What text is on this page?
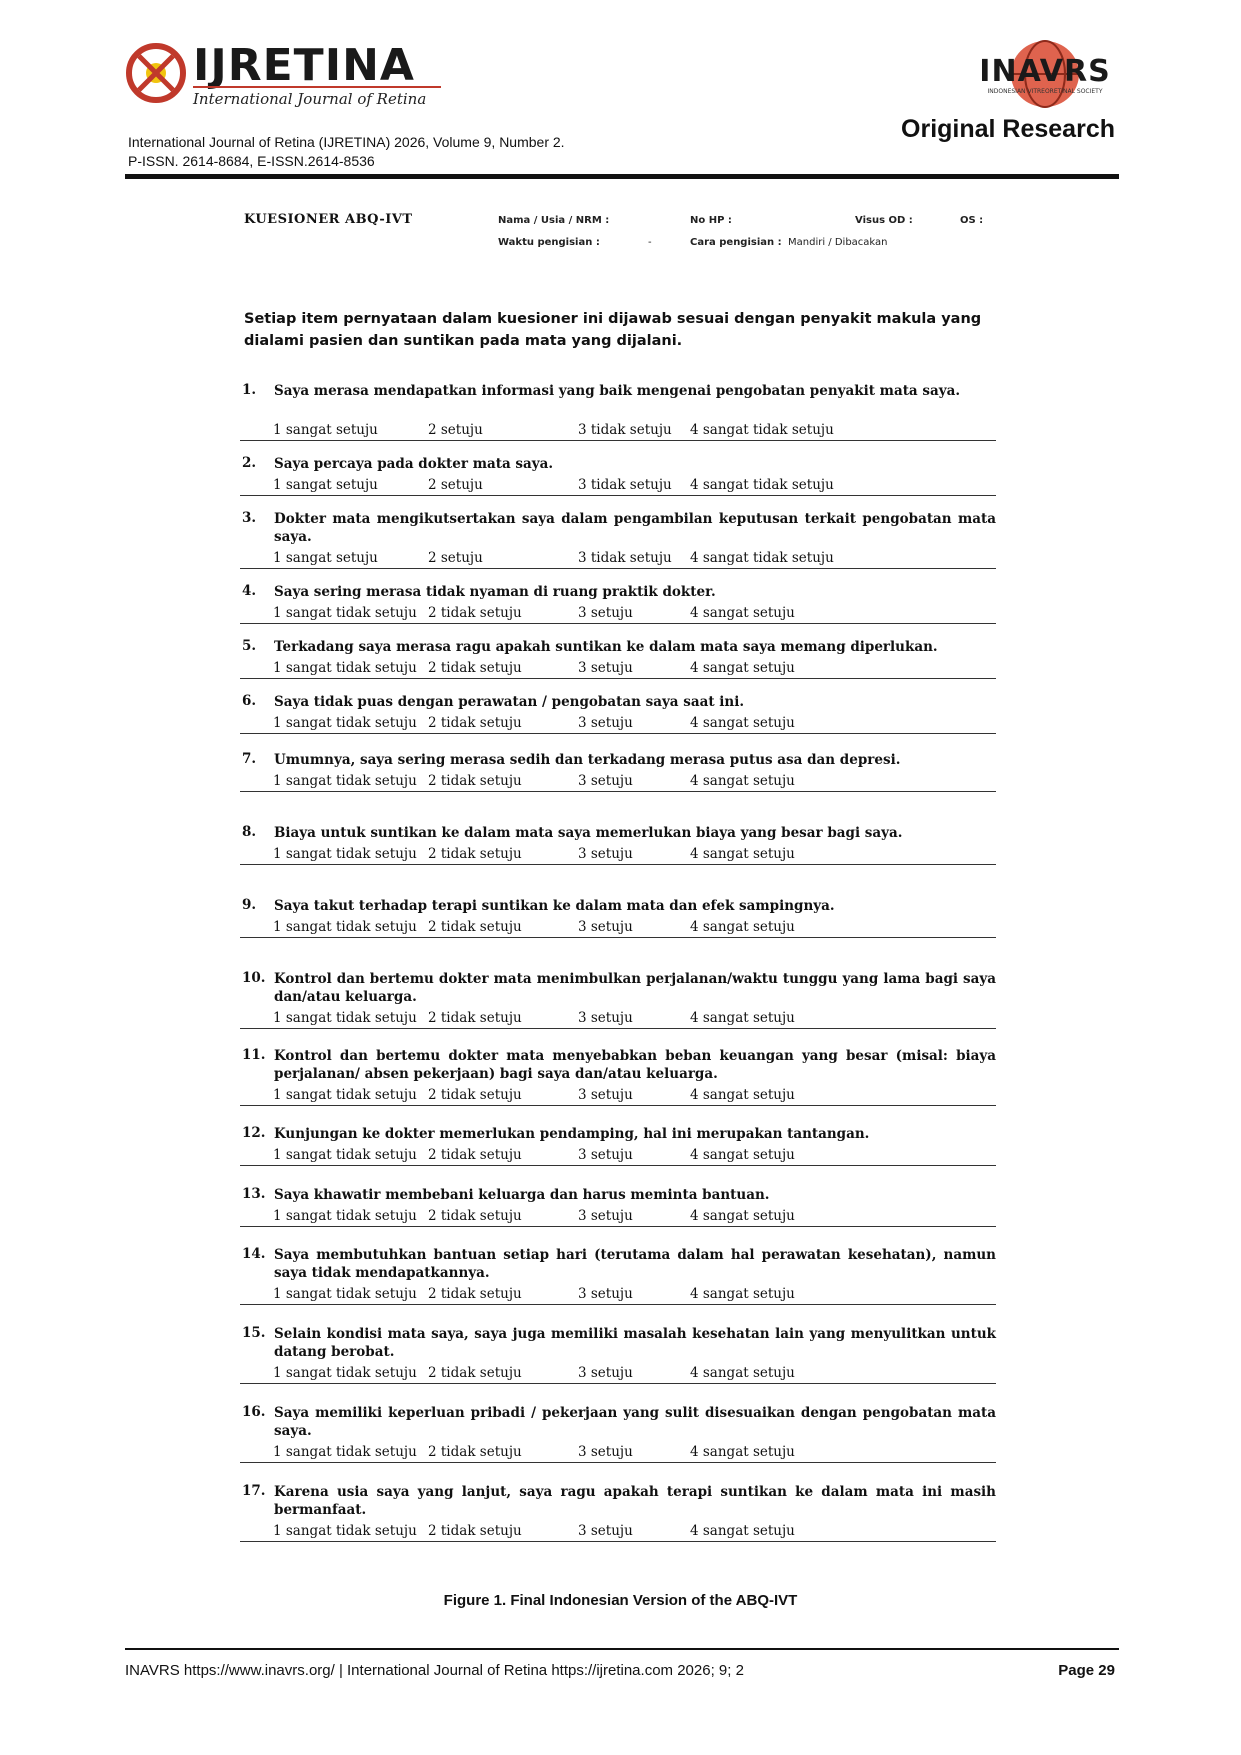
IJRETINA
International Journal of Retina
INAVRS
INDONESIAN VITREORETINAL SOCIETY
International Journal of Retina (IJRETINA) 2026, Volume 9, Number 2.
P-ISSN. 2614-8684, E-ISSN.2614-8536
Original Research
KUESIONER ABQ-IVT	Nama / Usia / NRM :	No HP :	Visus OD :	OS :
Waktu pengisian :	-	Cara pengisian : Mandiri / Dibacakan
Setiap item pernyataan dalam kuesioner ini dijawab sesuai dengan penyakit makula yang dialami pasien dan suntikan pada mata yang dijalani.
1. Saya merasa mendapatkan informasi yang baik mengenai pengobatan penyakit mata saya.
1 sangat setuju	2 setuju	3 tidak setuju 4 sangat tidak setuju
2. Saya percaya pada dokter mata saya.
1 sangat setuju	2 setuju	3 tidak setuju 4 sangat tidak setuju
3. Dokter mata mengikutsertakan saya dalam pengambilan keputusan terkait pengobatan mata saya.
1 sangat setuju	2 setuju	3 tidak setuju 4 sangat tidak setuju
4. Saya sering merasa tidak nyaman di ruang praktik dokter.
1 sangat tidak setuju 2 tidak setuju	3 setuju	4 sangat setuju
5. Terkadang saya merasa ragu apakah suntikan ke dalam mata saya memang diperlukan.
1 sangat tidak setuju 2 tidak setuju	3 setuju	4 sangat setuju
6. Saya tidak puas dengan perawatan / pengobatan saya saat ini.
1 sangat tidak setuju 2 tidak setuju	3 setuju	4 sangat setuju
7. Umumnya, saya sering merasa sedih dan terkadang merasa putus asa dan depresi.
1 sangat tidak setuju 2 tidak setuju	3 setuju	4 sangat setuju
8. Biaya untuk suntikan ke dalam mata saya memerlukan biaya yang besar bagi saya.
1 sangat tidak setuju 2 tidak setuju	3 setuju	4 sangat setuju
9. Saya takut terhadap terapi suntikan ke dalam mata dan efek sampingnya.
1 sangat tidak setuju 2 tidak setuju	3 setuju	4 sangat setuju
10. Kontrol dan bertemu dokter mata menimbulkan perjalanan/waktu tunggu yang lama bagi saya dan/atau keluarga.
1 sangat tidak setuju 2 tidak setuju	3 setuju	4 sangat setuju
11. Kontrol dan bertemu dokter mata menyebabkan beban keuangan yang besar (misal: biaya perjalanan/ absen pekerjaan) bagi saya dan/atau keluarga.
1 sangat tidak setuju 2 tidak setuju	3 setuju	4 sangat setuju
12. Kunjungan ke dokter memerlukan pendamping, hal ini merupakan tantangan.
1 sangat tidak setuju 2 tidak setuju	3 setuju	4 sangat setuju
13. Saya khawatir membebani keluarga dan harus meminta bantuan.
1 sangat tidak setuju 2 tidak setuju	3 setuju	4 sangat setuju
14. Saya membutuhkan bantuan setiap hari (terutama dalam hal perawatan kesehatan), namun saya tidak mendapatkannya.
1 sangat tidak setuju 2 tidak setuju	3 setuju	4 sangat setuju
15. Selain kondisi mata saya, saya juga memiliki masalah kesehatan lain yang menyulitkan untuk datang berobat.
1 sangat tidak setuju 2 tidak setuju	3 setuju	4 sangat setuju
16. Saya memiliki keperluan pribadi / pekerjaan yang sulit disesuaikan dengan pengobatan mata saya.
1 sangat tidak setuju 2 tidak setuju	3 setuju	4 sangat setuju
17. Karena usia saya yang lanjut, saya ragu apakah terapi suntikan ke dalam mata ini masih bermanfaat.
1 sangat tidak setuju 2 tidak setuju	3 setuju	4 sangat setuju
Figure 1. Final Indonesian Version of the ABQ-IVT
INAVRS https://www.inavrs.org/ | International Journal of Retina https://ijretina.com 2026; 9; 2	Page 29
